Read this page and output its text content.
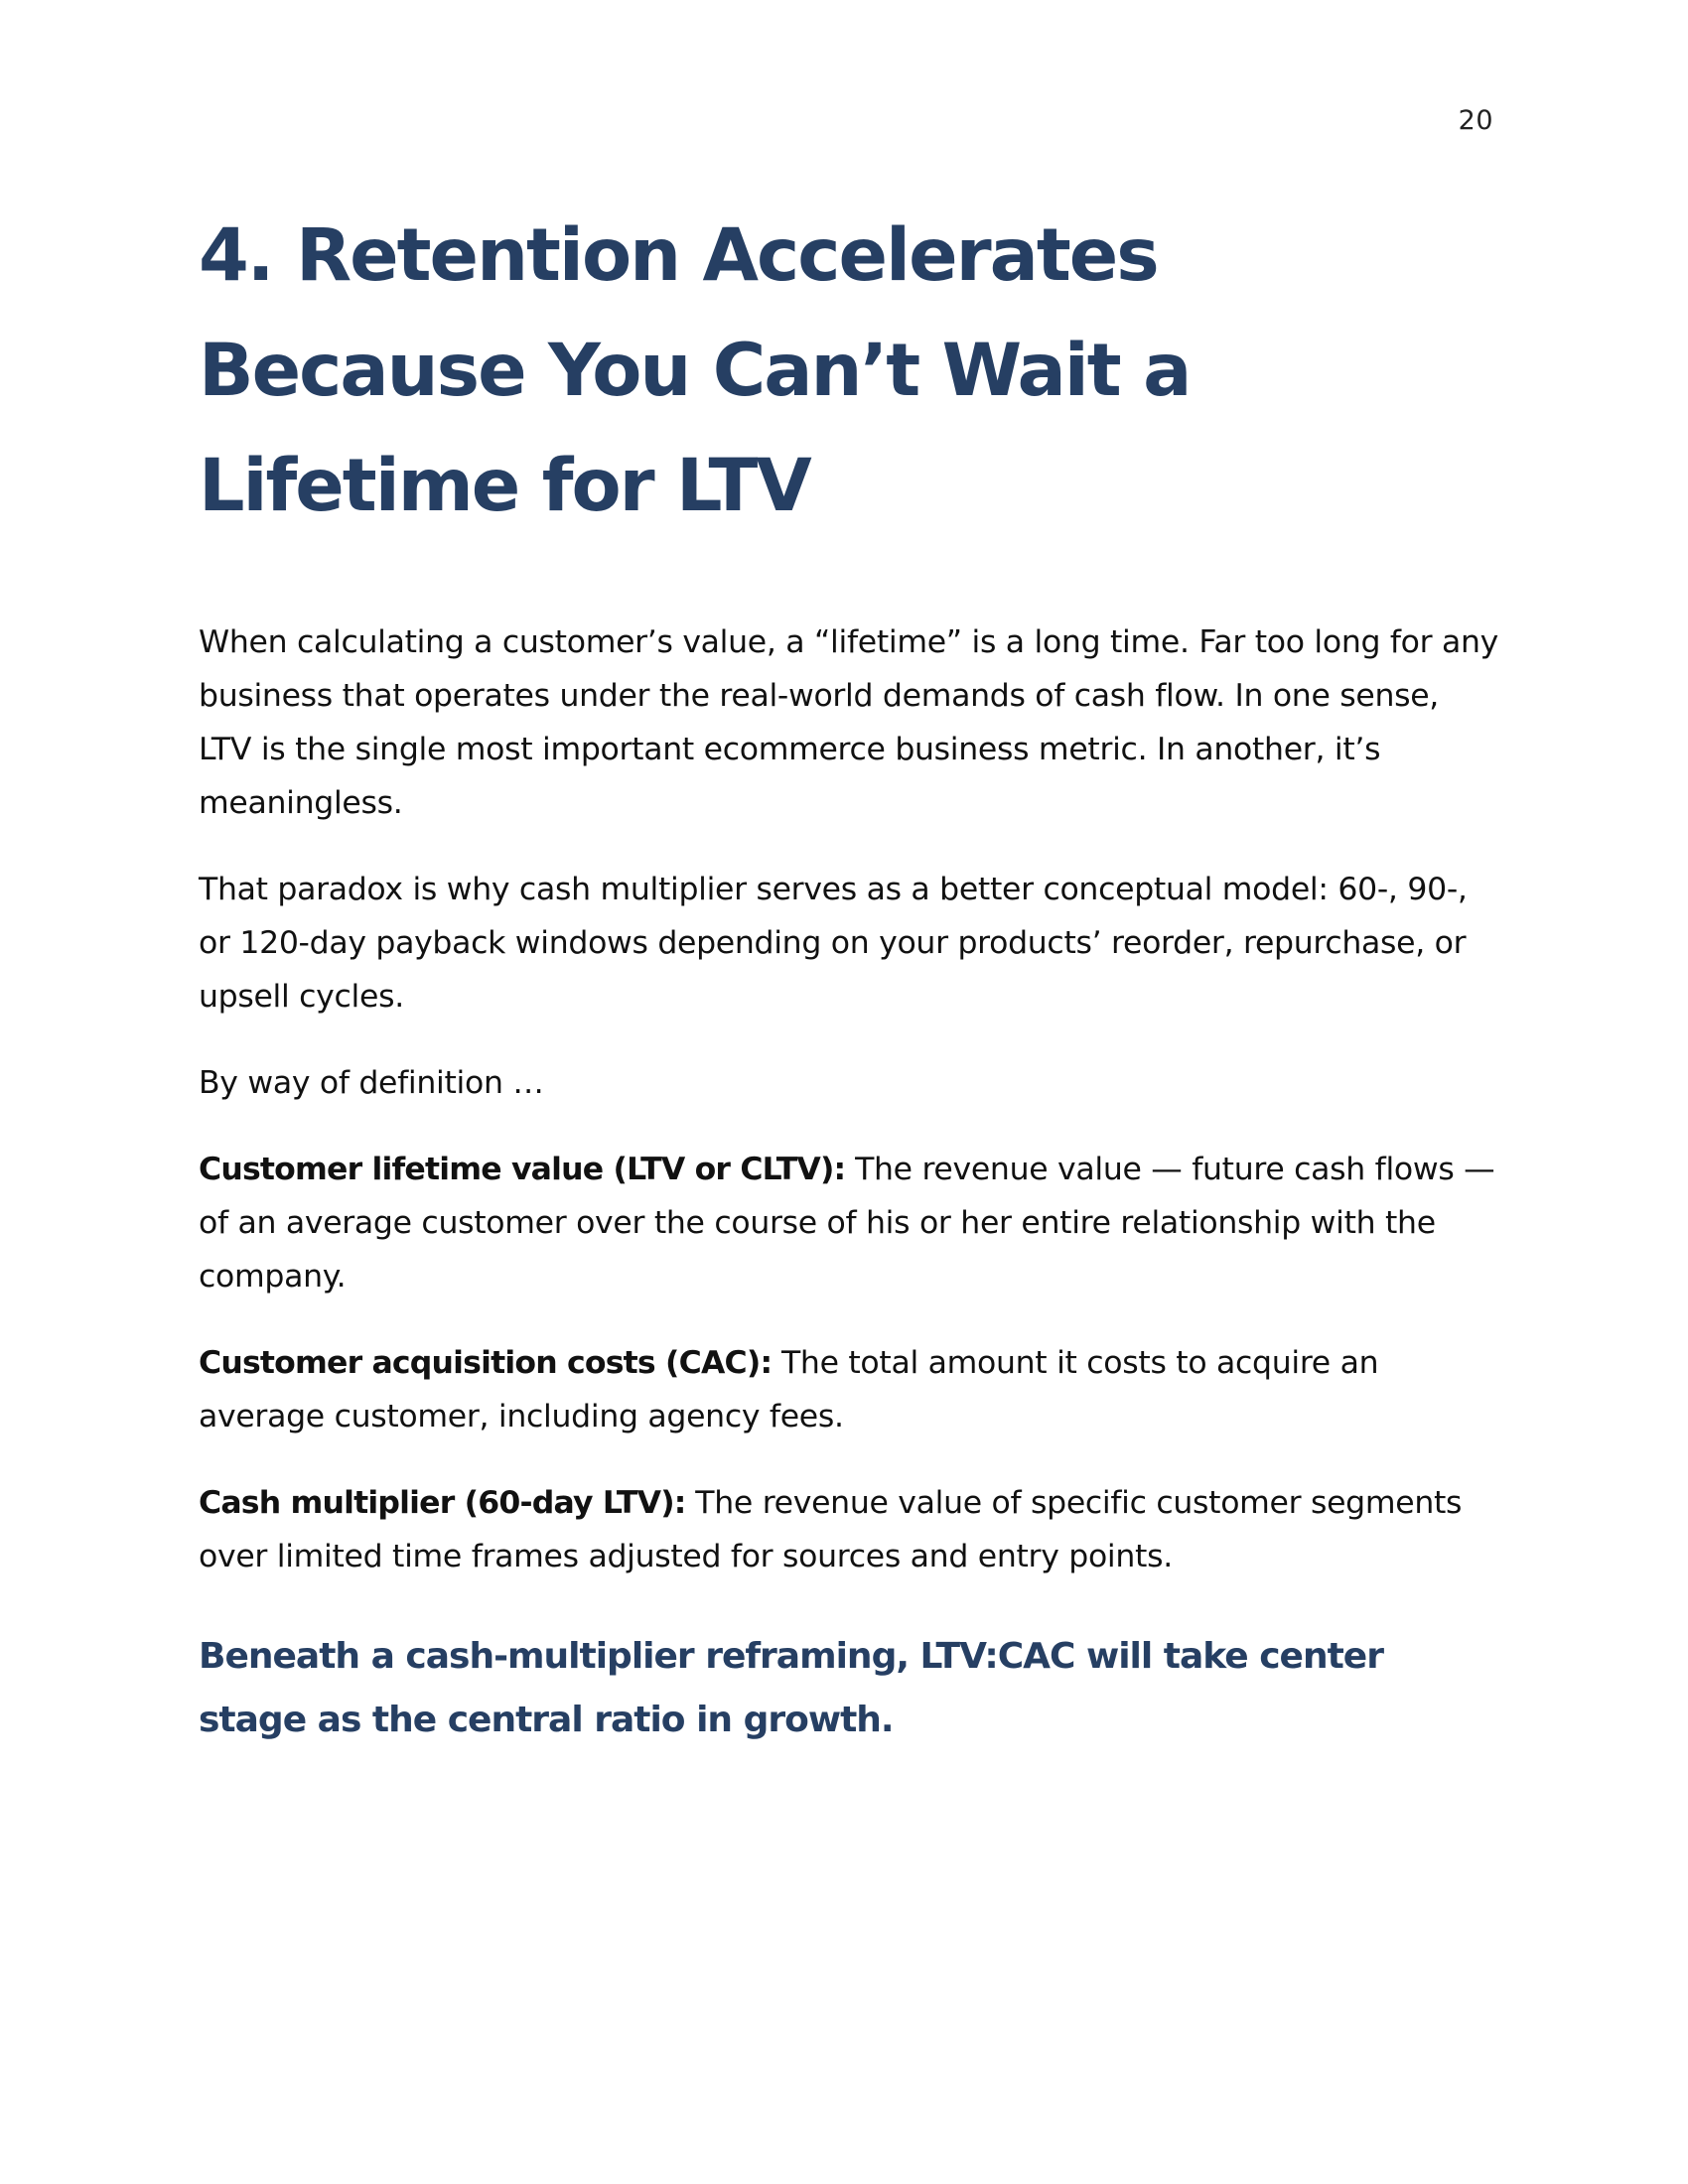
20
4. Retention Accelerates Because You Can’t Wait a Lifetime for LTV

When calculating a customer’s value, a “lifetime” is a long time. Far too long for any business that operates under the real-world demands of cash flow. In one sense, LTV is the single most important ecommerce business metric. In another, it’s meaningless.

That paradox is why cash multiplier serves as a better conceptual model: 60-, 90-, or 120-day payback windows depending on your products’ reorder, repurchase, or upsell cycles.

By way of definition …

Customer lifetime value (LTV or CLTV): The revenue value — future cash flows — of an average customer over the course of his or her entire relationship with the company.

Customer acquisition costs (CAC): The total amount it costs to acquire an average customer, including agency fees.

Cash multiplier (60-day LTV): The revenue value of specific customer segments over limited time frames adjusted for sources and entry points.

Beneath a cash-multiplier reframing, LTV:CAC will take center stage as the central ratio in growth.
